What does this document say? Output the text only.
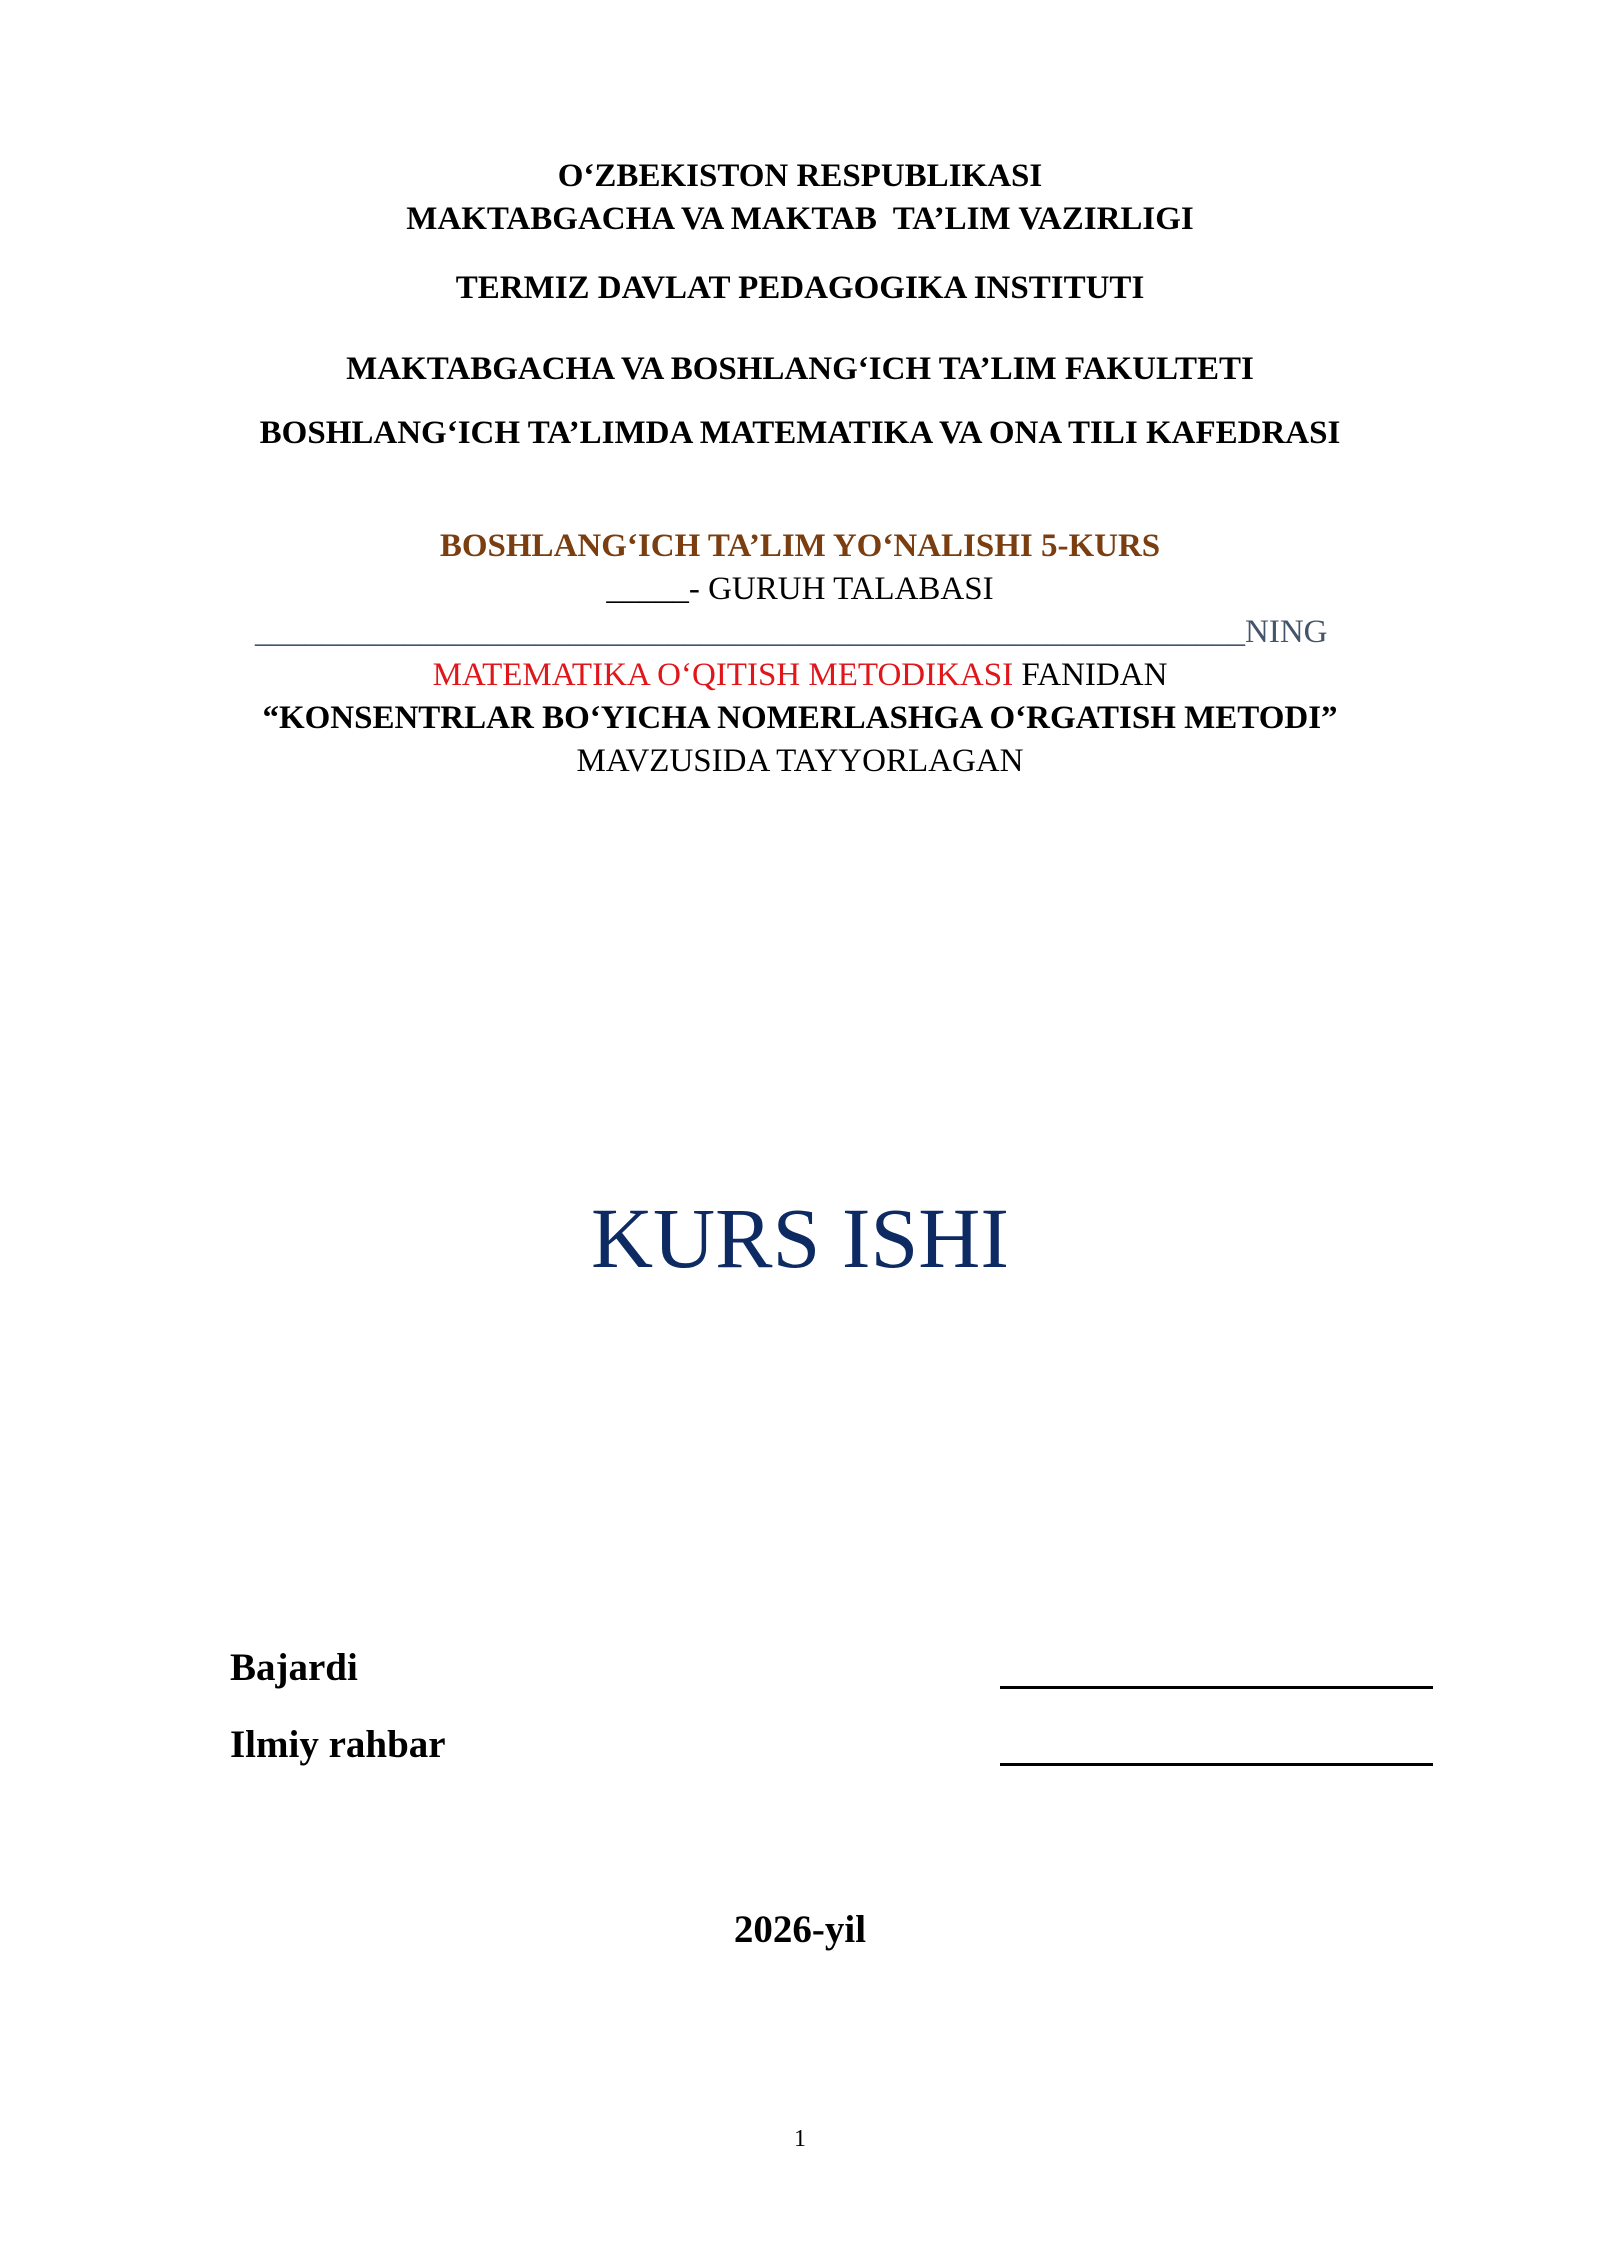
O‘ZBEKISTON RESPUBLIKASI
MAKTABGACHA VA MAKTAB  TA’LIM VAZIRLIGI
TERMIZ DAVLAT PEDAGOGIKA INSTITUTI
MAKTABGACHA VA BOSHLANG‘ICH TA’LIM FAKULTETI
BOSHLANG‘ICH TA’LIMDA MATEMATIKA VA ONA TILI KAFEDRASI
BOSHLANG‘ICH TA’LIM YO‘NALISHI 5-KURS
_____- GURUH TALABASI
____________________________________________________________NING
MATEMATIKA O‘QITISH METODIKASI FANIDAN
“KONSENTRLAR BO‘YICHA NOMERLASHGA O‘RGATISH METODI”
MAVZUSIDA TAYYORLAGAN
KURS ISHI
Bajardi
Ilmiy rahbar
2026-yil
1
